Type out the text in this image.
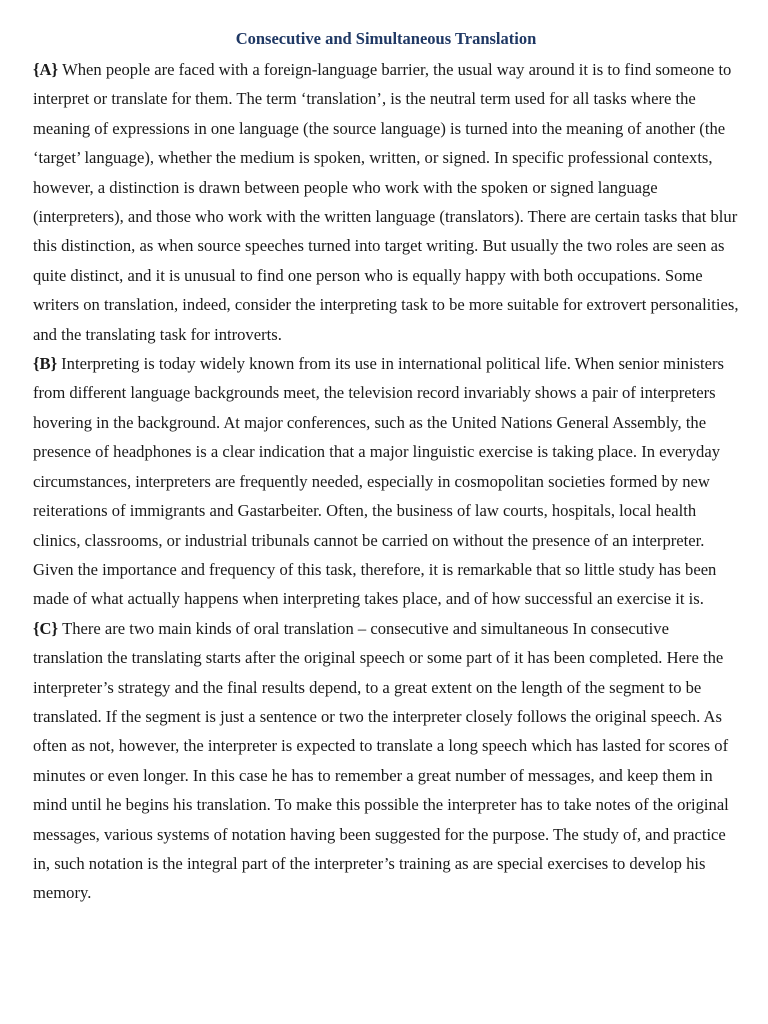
Consecutive and Simultaneous Translation

{A} When people are faced with a foreign-language barrier, the usual way around it is to find someone to interpret or translate for them. The term ‘translation’, is the neutral term used for all tasks where the meaning of expressions in one language (the source language) is turned into the meaning of another (the ‘target’ language), whether the medium is spoken, written, or signed. In specific professional contexts, however, a distinction is drawn between people who work with the spoken or signed language (interpreters), and those who work with the written language (translators). There are certain tasks that blur this distinction, as when source speeches turned into target writing. But usually the two roles are seen as quite distinct, and it is unusual to find one person who is equally happy with both occupations. Some writers on translation, indeed, consider the interpreting task to be more suitable for extrovert personalities, and the translating task for introverts.

{B} Interpreting is today widely known from its use in international political life. When senior ministers from different language backgrounds meet, the television record invariably shows a pair of interpreters hovering in the background. At major conferences, such as the United Nations General Assembly, the presence of headphones is a clear indication that a major linguistic exercise is taking place. In everyday circumstances, interpreters are frequently needed, especially in cosmopolitan societies formed by new reiterations of immigrants and Gastarbeiter. Often, the business of law courts, hospitals, local health clinics, classrooms, or industrial tribunals cannot be carried on without the presence of an interpreter. Given the importance and frequency of this task, therefore, it is remarkable that so little study has been made of what actually happens when interpreting takes place, and of how successful an exercise it is.

{C} There are two main kinds of oral translation – consecutive and simultaneous In consecutive translation the translating starts after the original speech or some part of it has been completed. Here the interpreter’s strategy and the final results depend, to a great extent on the length of the segment to be translated. If the segment is just a sentence or two the interpreter closely follows the original speech. As often as not, however, the interpreter is expected to translate a long speech which has lasted for scores of minutes or even longer. In this case he has to remember a great number of messages, and keep them in mind until he begins his translation. To make this possible the interpreter has to take notes of the original messages, various systems of notation having been suggested for the purpose. The study of, and practice in, such notation is the integral part of the interpreter’s training as are special exercises to develop his memory.
